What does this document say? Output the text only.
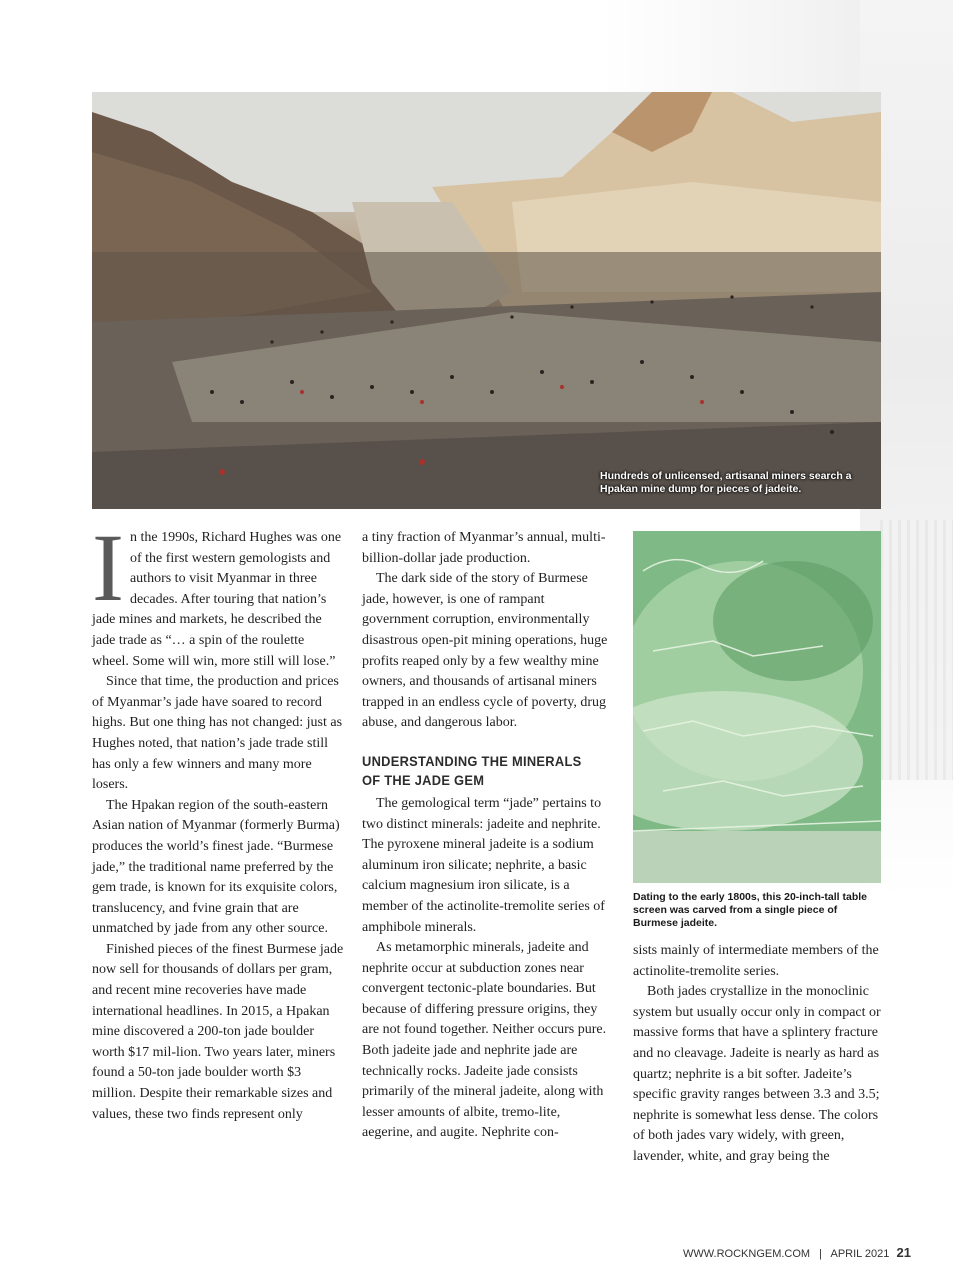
Hundreds of unlicensed, artisanal miners search a Hpakan mine dump for pieces of jadeite.
Dating to the early 1800s, this 20-inch-tall table screen was carved from a single piece of Burmese jadeite.
I n the 1990s, Richard Hughes was one of the first western gemologists and authors to visit Myanmar in three decades. After touring that nation’s jade mines and markets, he described the jade trade as “… a spin of the roulette wheel. Some will win, more still will lose.”

Since that time, the production and prices of Myanmar’s jade have soared to record highs. But one thing has not changed: just as Hughes noted, that nation’s jade trade still has only a few winners and many more losers.

The Hpakan region of the south-eastern Asian nation of Myanmar (formerly Burma) produces the world’s finest jade. “Burmese jade,” the traditional name preferred by the gem trade, is known for its exquisite colors, translucency, and fvine grain that are unmatched by jade from any other source.

Finished pieces of the finest Burmese jade now sell for thousands of dollars per gram, and recent mine recoveries have made international headlines. In 2015, a Hpakan mine discovered a 200-ton jade boulder worth $17 mil-lion. Two years later, miners found a 50-ton jade boulder worth $3 million. Despite their remarkable sizes and values, these two finds represent only

a tiny fraction of Myanmar’s annual, multi-billion-dollar jade production.

The dark side of the story of Burmese jade, however, is one of rampant government corruption, environmentally disastrous open-pit mining operations, huge profits reaped only by a few wealthy mine owners, and thousands of artisanal miners trapped in an endless cycle of poverty, drug abuse, and dangerous labor.

UNDERSTANDING THE MINERALS OF THE JADE GEM

The gemological term “jade” pertains to two distinct minerals: jadeite and nephrite. The pyroxene mineral jadeite is a sodium aluminum iron silicate; nephrite, a basic calcium magnesium iron silicate, is a member of the actinolite-tremolite series of amphibole minerals.

As metamorphic minerals, jadeite and nephrite occur at subduction zones near convergent tectonic-plate boundaries. But because of differing pressure origins, they are not found together. Neither occurs pure. Both jadeite jade and nephrite jade are technically rocks. Jadeite jade consists primarily of the mineral jadeite, along with lesser amounts of albite, tremo-lite, aegerine, and augite. Nephrite con-

sists mainly of intermediate members of the actinolite-tremolite series.

Both jades crystallize in the monoclinic system but usually occur only in compact or massive forms that have a splintery fracture and no cleavage. Jadeite is nearly as hard as quartz; nephrite is a bit softer. Jadeite’s specific gravity ranges between 3.3 and 3.5; nephrite is somewhat less dense. The colors of both jades vary widely, with green, lavender, white, and gray being the

WWW.ROCKNGEM.COM | APRIL 2021 21
